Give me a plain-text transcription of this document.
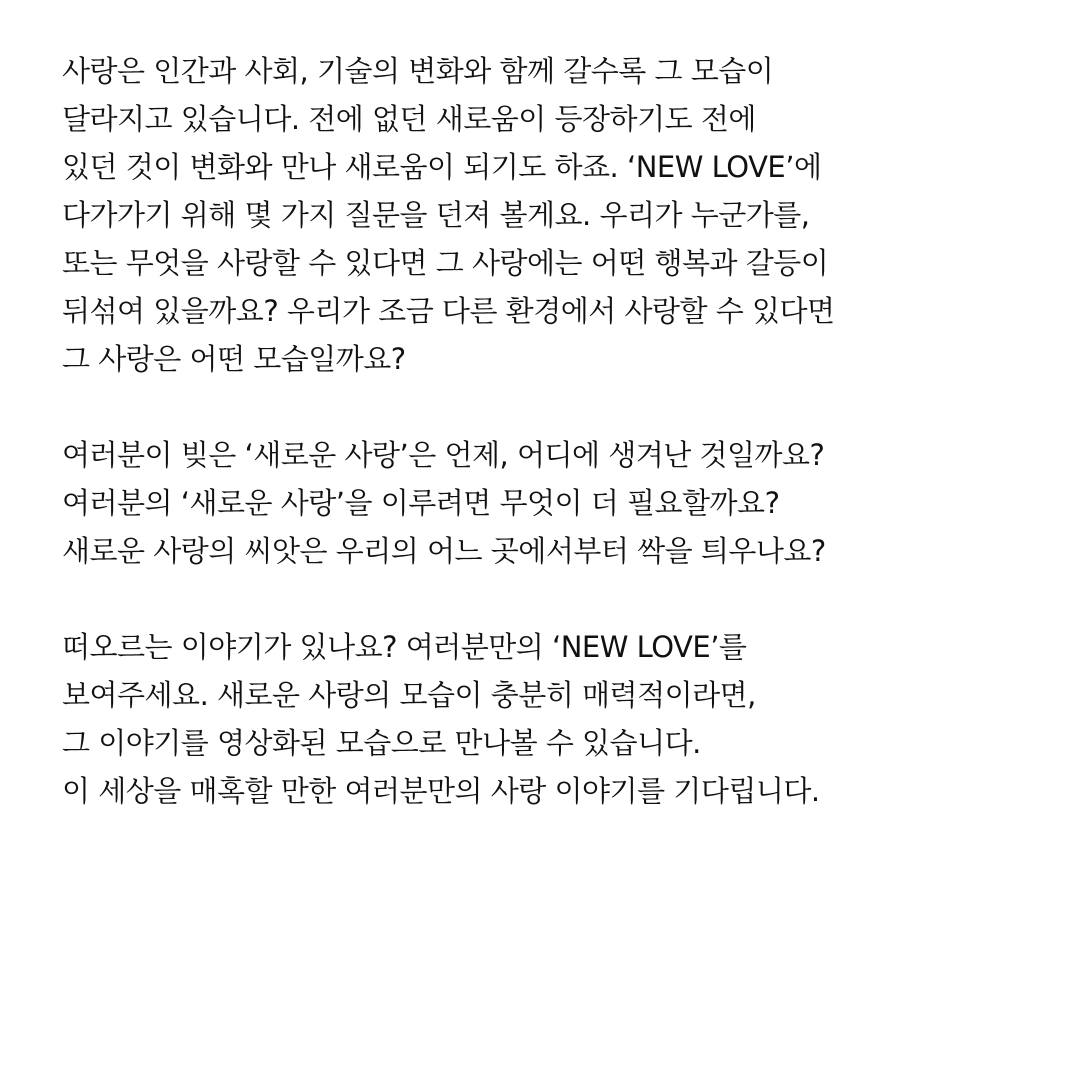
사랑은 인간과 사회, 기술의 변화와 함께 갈수록 그 모습이
달라지고 있습니다. 전에 없던 새로움이 등장하기도 전에
있던 것이 변화와 만나 새로움이 되기도 하죠. ‘NEW LOVE’에
다가가기 위해 몇 가지 질문을 던져 볼게요. 우리가 누군가를,
또는 무엇을 사랑할 수 있다면 그 사랑에는 어떤 행복과 갈등이
뒤섞여 있을까요? 우리가 조금 다른 환경에서 사랑할 수 있다면
그 사랑은 어떤 모습일까요?

여러분이 빚은 ‘새로운 사랑’은 언제, 어디에 생겨난 것일까요?
여러분의 ‘새로운 사랑’을 이루려면 무엇이 더 필요할까요?
새로운 사랑의 씨앗은 우리의 어느 곳에서부터 싹을 틔우나요?

떠오르는 이야기가 있나요? 여러분만의 ‘NEW LOVE’를
보여주세요. 새로운 사랑의 모습이 충분히 매력적이라면,
그 이야기를 영상화된 모습으로 만나볼 수 있습니다.
이 세상을 매혹할 만한 여러분만의 사랑 이야기를 기다립니다.
